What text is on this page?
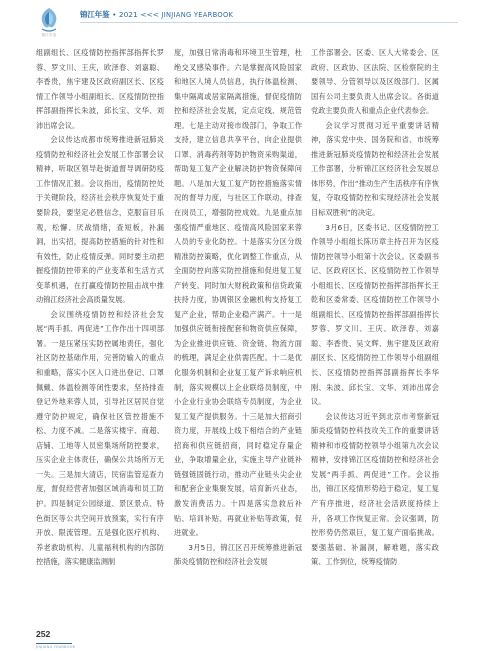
锦江年鉴
锦江年鉴 • 2021 <<< JINJIANG YEARBOOK

组副组长、区疫情防控指挥部指挥长罗蓉、罗文川、王庆，欧泽春、刘嘉聪、李香贵，焦宇建及区政府副区长、区疫情工作领导小组副组长、区疫情防控指挥部副指挥长朱波，邱长宝、文华、刘沛出席会议。

会议传达成都市统筹推进新冠肺炎疫情防控和经济社会发展工作部署会议精神，听取区领导赴街道督导调研防疫工作情况汇报。会议指出，疫情防控处于关键阶段，经济社会秩序恢复处于重要阶段，要坚定必胜信念，克服盲目乐观，松懈、厌战情绪，查短板，补漏洞，出实招，提高防控措施的针对性和有效性，防止疫情反弹。同时要主动把握疫情防控带来的产业变革和生活方式变革机遇，在打赢疫情防控阻击战中推动锦江经济社会高质量发展。

会议围绕疫情防控和经济社会发展“两手抓、两促进”工作作出十四项部署。一是压紧压实防控属地责任，强化社区防控基础作用，完善防输入的重点和重略，落实小区入口进出登记、口罩佩戴、体温检测等闭性要求，坚持排查登记外地来蓉人员，引导社区居民自觉遵守防护规定，确保社区管控措施不松、力度不减。二是落实楼宇、商超、店铺、工地等人员密集场所防控要求，压实企业主体责任，确保公共场所万无一失。三是加大清店，民宿监管巡查力度，督促经营者加强区域消毒和员工防护。四是制定公园绿道、景区景点、特色街区等公共空间开放预案，实行有序开放、限流管理。五是强化医疗机构、养老救助机构、儿童福利机构的内部防控措施，落实健康监测制

度，加强日常消毒和环境卫生管理，杜绝交叉感染事件。六是掌握高风险国家和地区人境人员信息，执行体温检测、集中隔离或居家隔离措施，督促疫情防控和经济社会发展，定点定线、规范管理。七是主动对接市级部门，争取工作支持，建立信息共享平台，向企业提供口罩、消毒药剂等防护物资采购渠道，帮助复工复产企业解决防护物资保障问题。八是加大复工复产防控措施落实情况的督导力度，与社区工作联动，排查在岗员工，增强防控成效。九是重点加强疫情严重地区、疫情高风险国家来蓉人员的专业化防控。十是落实分区分级精准防控策略，优化调整工作重点，从全面防控向落实防控措施和促进复工复产转变。同时加大财税政策和信贷政策扶持力度，协调银区金融机构支持复工复产企业，帮助企业稳产满产。十一是加强供应链衔接配套和物资供应保障，为企业推进供应链、资金链、物流方面的梳理，满足企业供需匹配。十二是优化服务机制和企业复工复产诉求响应机制，落实规模以上企业联络员制度，中小企业行业协会联络专员制度，为企业复工复产提供服务。十三是加大招商引资力度，开展线上线下相结合的产业链招商和供应链招商，同时稳定存量企业，争取增量企业，实施主导产业链补链强链固链行动，推动产业链头尖企业和配套企业集聚发展，培育新兴业态，激发消费活力。十四是落实急救后补贴、培训补贴、再就业补贴等政策，促进就业。

3月5日，锦江区召开统筹推进新冠肺炎疫情防控和经济社会发展

工作部署会。区委、区人大常委会、区政府、区政协、区法院、区检察院的主要领导、分管领导以及区级部门、区属国有公司主要负责人出席会议。各街道党政主要负责人和重点企业代表参会。

会议学习贯彻习近平重要讲话精神，落实党中央、国务院和省、市统筹推进新冠肺炎疫情防控和经济社会发展工作部署，分析锦江区经济社会发展总体形势，作出“推动生产生活秩序有序恢复，夺取疫情防控和实现经济社会发展目标双胜利”的决定。

3月6日，区委书记、区疫情防控工作领导小组组长陈历章主持召开为区疫情防控领导小组第十次会议。区委副书记、区政府区长、区疫情防控工作领导小组组长、区疫情防控指挥部指挥长王乾和区委常委、区疫情防控工作领导小组副组长、区疫情防控指挥部副指挥长罗蓉、罗文川、王庆、欧泽春、刘嘉聪、李香贵、吴文辉、焦宇建及区政府副区长、区疫情防控工作领导小组副组长、区疫情防控指挥部副指挥长李华刚、朱波、邱长宝、文华、刘沛出席会议。

会议传达习近平到北京市考察新冠肺炎疫情防控科技攻关工作的重要讲话精神和市疫情防控领导小组第九次会议精神，安排锦江区疫情防控和经济社会发展“两手抓、两促进”工作。会议指出，锦江区疫情形势趋于稳定，复工复产有序推进，经济社会活跃度持续上升，各项工作恢复正常。会议强调，防控形势仍然艰巨，复工复产面临挑战。要强基础、补漏洞，解难题，落实政策、工作到位，统筹疫情防

252
JINJIANG YEARBOOK
